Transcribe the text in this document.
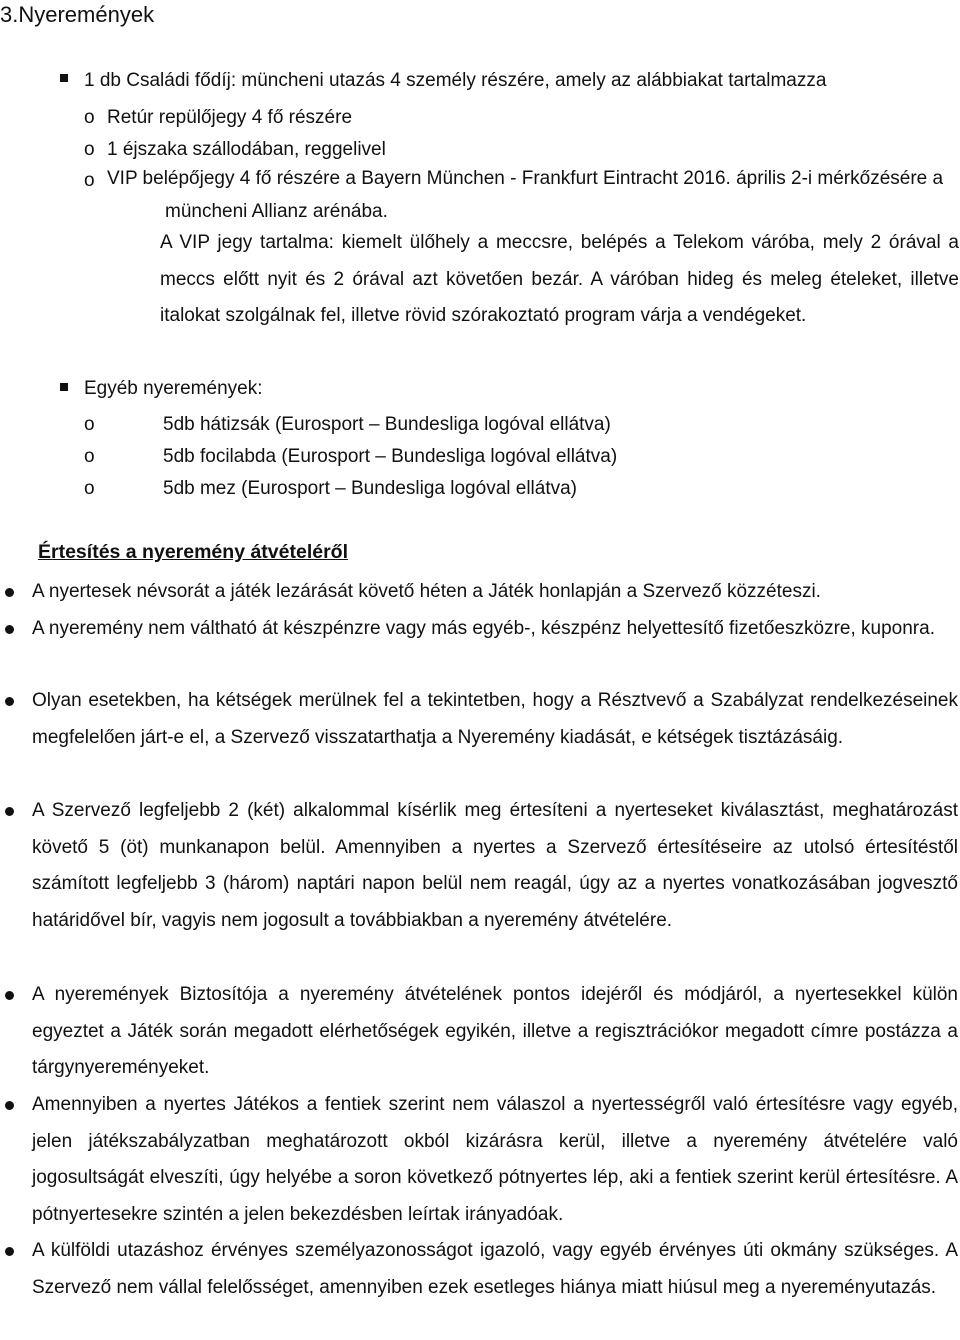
3.Nyeremények
1 db Családi fődíj: müncheni utazás 4 személy részére, amely az alábbiakat tartalmazza
o Retúr repülőjegy 4 fő részére
o 1 éjszaka szállodában, reggelivel
o VIP belépőjegy 4 fő részére a Bayern München - Frankfurt Eintracht 2016. április 2-i mérkőzésére a müncheni Allianz arénába.

A VIP jegy tartalma: kiemelt ülőhely a meccsre, belépés a Telekom váróba, mely 2 órával a meccs előtt nyit és 2 órával azt követően bezár. A váróban hideg és meleg ételeket, illetve italokat szolgálnak fel, illetve rövid szórakoztató program várja a vendégeket.

Egyéb nyeremények:
o	5db hátizsák (Eurosport – Bundesliga logóval ellátva)
o	5db focilabda (Eurosport – Bundesliga logóval ellátva)
o	5db mez (Eurosport – Bundesliga logóval ellátva)
Értesítés a nyeremény átvételéről

A nyertesek névsorát a játék lezárását követő héten a Játék honlapján a Szervező közzéteszi.

A nyeremény nem váltható át készpénzre vagy más egyéb-, készpénz helyettesítő fizetőeszközre, kuponra.

Olyan esetekben, ha kétségek merülnek fel a tekintetben, hogy a Résztvevő a Szabályzat rendelkezéseinek megfelelően járt-e el, a Szervező visszatarthatja a Nyeremény kiadását, e kétségek tisztázásáig.

A Szervező legfeljebb 2 (két) alkalommal kísérlik meg értesíteni a nyerteseket kiválasztást, meghatározást követő 5 (öt) munkanapon belül. Amennyiben a nyertes a Szervező értesítéseire az utolsó értesítéstől számított legfeljebb 3 (három) naptári napon belül nem reagál, úgy az a nyertes vonatkozásában jogvesztő határidővel bír, vagyis nem jogosult a továbbiakban a nyeremény átvételére.

A nyeremények Biztosítója a nyeremény átvételének pontos idejéről és módjáról, a nyertesekkel külön egyeztet a Játék során megadott elérhetőségek egyikén, illetve a regisztrációkor megadott címre postázza a tárgynyereményeket.

Amennyiben a nyertes Játékos a fentiek szerint nem válaszol a nyertességről való értesítésre vagy egyéb, jelen játékszabályzatban meghatározott okból kizárásra kerül, illetve a nyeremény átvételére való jogosultságát elveszíti, úgy helyébe a soron következő pótnyertes lép, aki a fentiek szerint kerül értesítésre. A pótnyertesekre szintén a jelen bekezdésben leírtak irányadóak.

A külföldi utazáshoz érvényes személyazonosságot igazoló, vagy egyéb érvényes úti okmány szükséges. A Szervező nem vállal felelősséget, amennyiben ezek esetleges hiánya miatt hiúsul meg a nyereményutazás.
